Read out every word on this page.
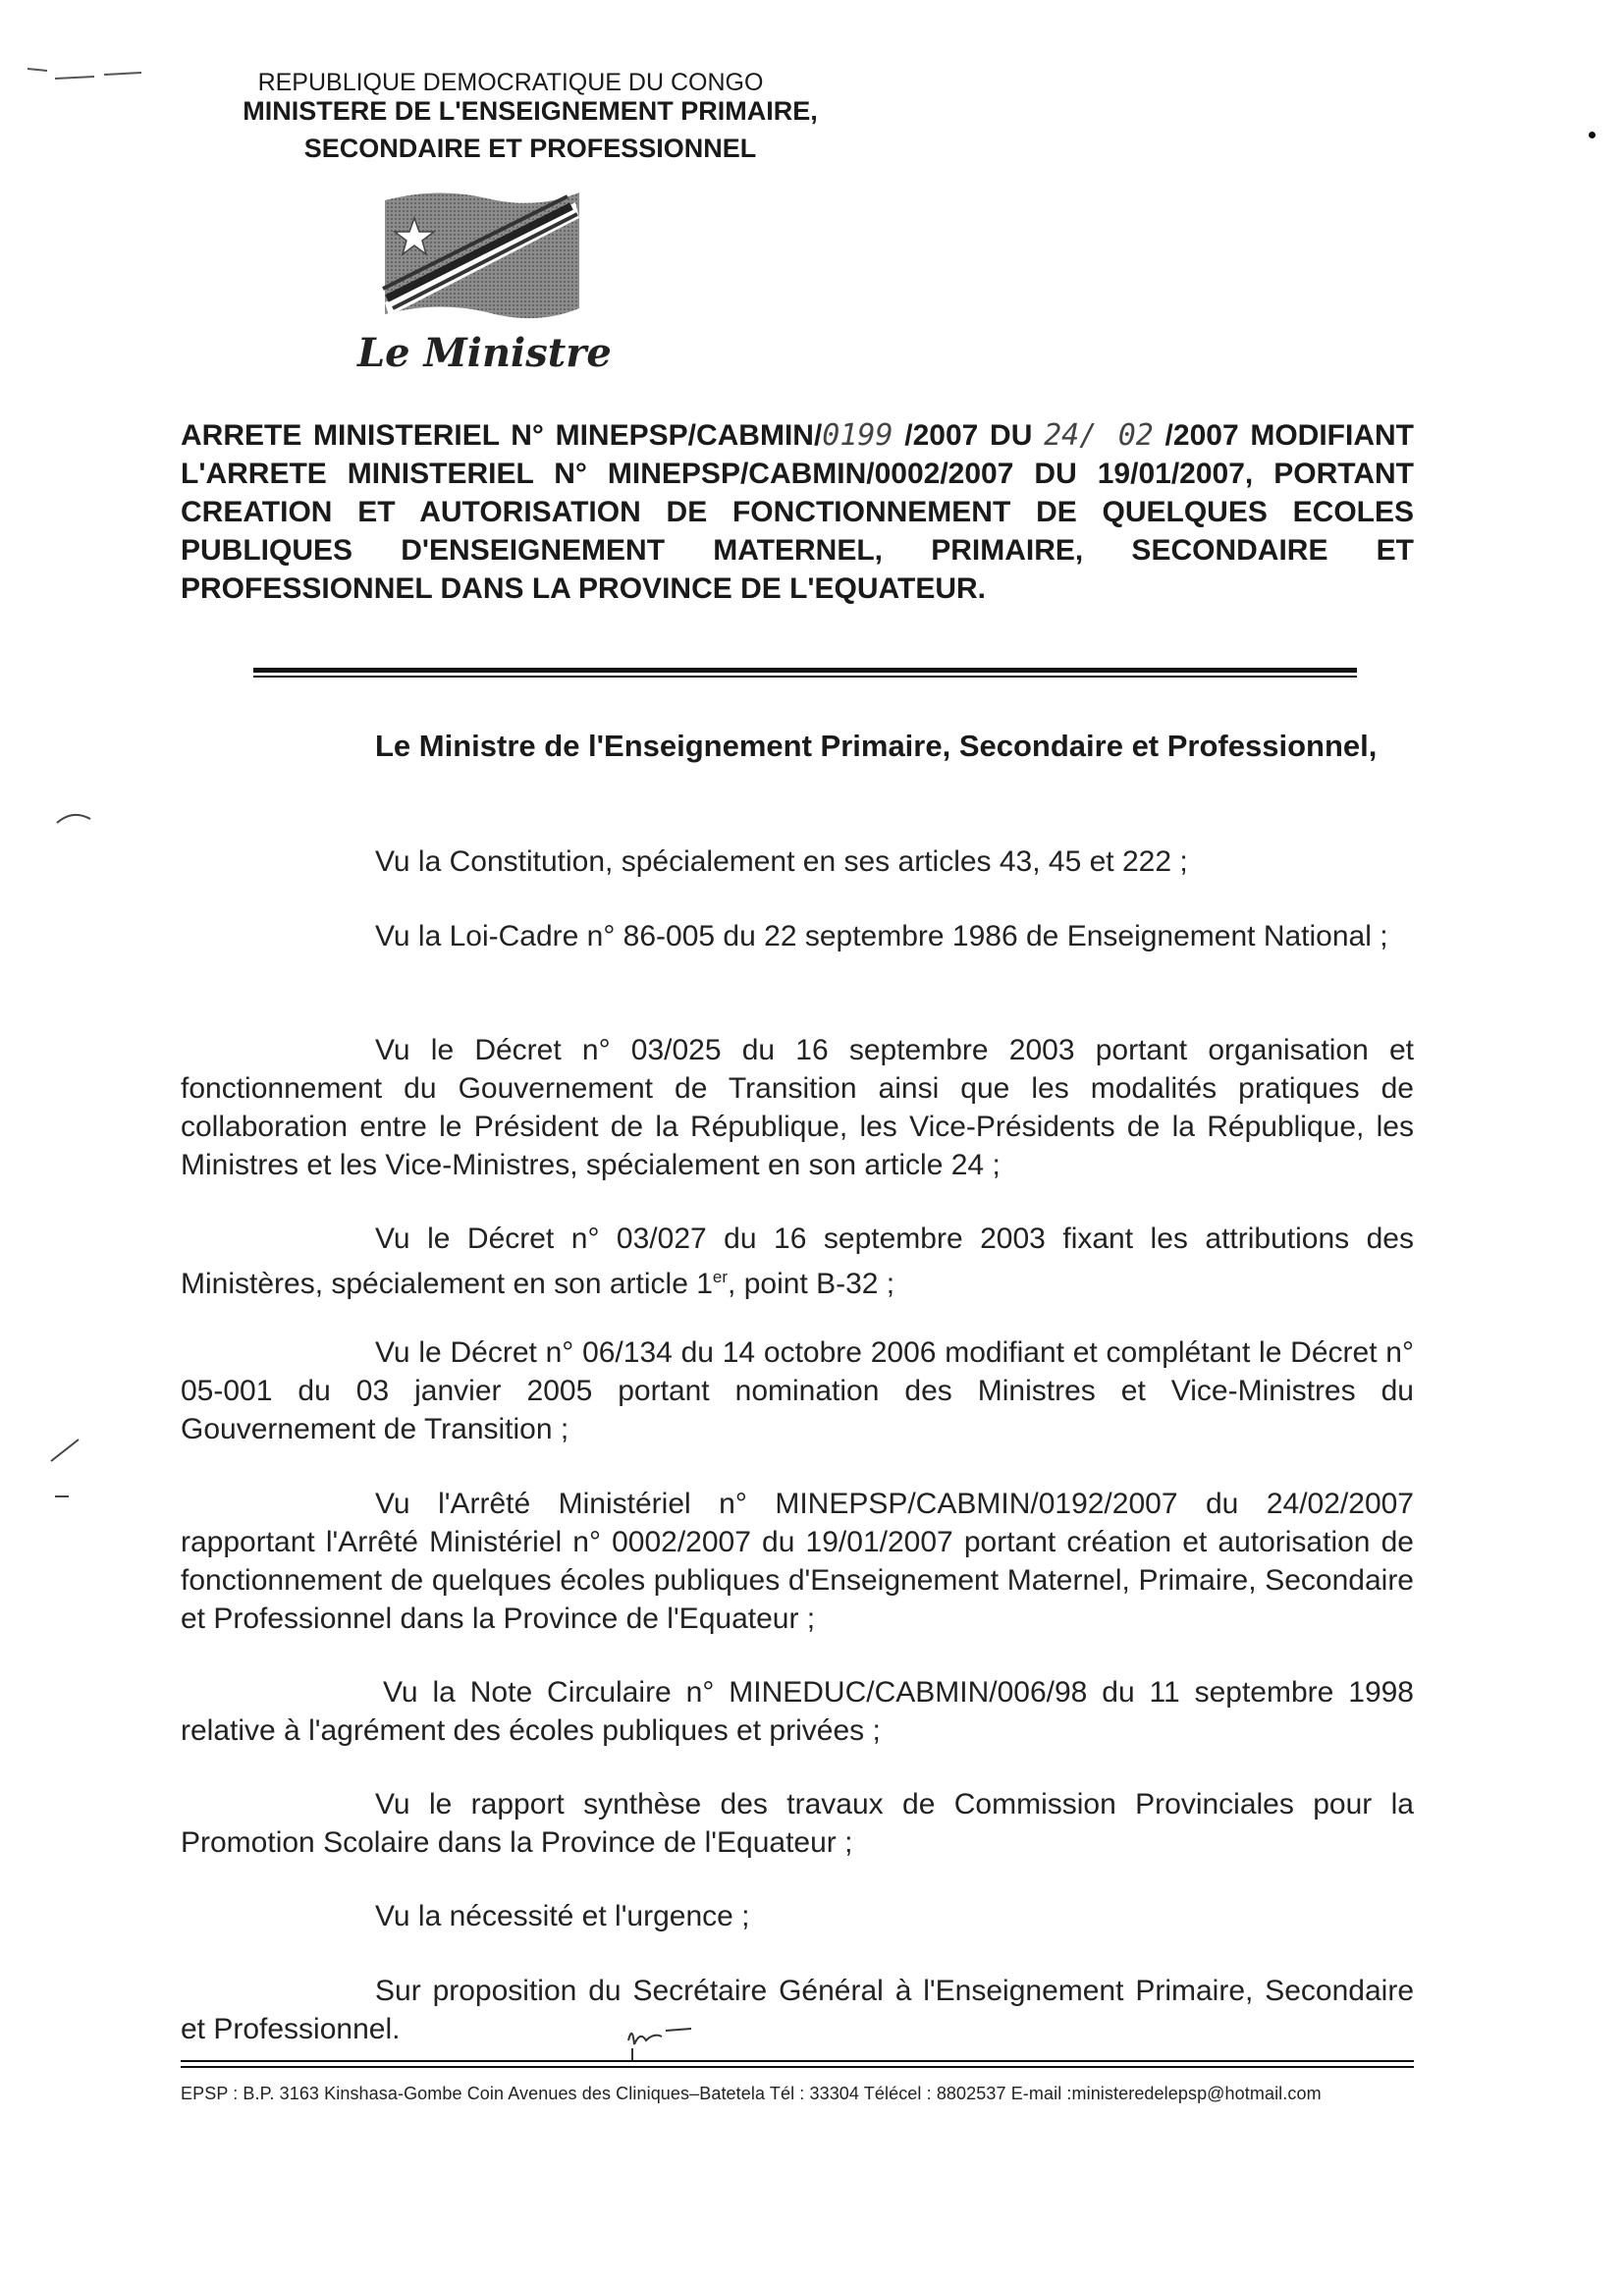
REPUBLIQUE DEMOCRATIQUE DU CONGO
MINISTERE DE L'ENSEIGNEMENT PRIMAIRE,
SECONDAIRE ET PROFESSIONNEL
Le Ministre
ARRETE MINISTERIEL N° MINEPSP/CABMIN/0199 /2007 DU 24/ 02 /2007 MODIFIANT L'ARRETE MINISTERIEL N° MINEPSP/CABMIN/0002/2007 DU 19/01/2007, PORTANT CREATION ET AUTORISATION DE FONCTIONNEMENT DE QUELQUES ECOLES PUBLIQUES D'ENSEIGNEMENT MATERNEL, PRIMAIRE, SECONDAIRE ET PROFESSIONNEL DANS LA PROVINCE DE L'EQUATEUR.
Le Ministre de l'Enseignement Primaire, Secondaire et Professionnel,
Vu la Constitution, spécialement en ses articles 43, 45 et 222 ;
Vu la Loi-Cadre n° 86-005 du 22 septembre 1986 de Enseignement National ;
Vu le Décret n° 03/025 du 16 septembre 2003 portant organisation et fonctionnement du Gouvernement de Transition ainsi que les modalités pratiques de collaboration entre le Président de la République, les Vice-Présidents de la République, les Ministres et les Vice-Ministres, spécialement en son article 24 ;
Vu le Décret n° 03/027 du 16 septembre 2003 fixant les attributions des Ministères, spécialement en son article 1er, point B-32 ;
Vu le Décret n° 06/134 du 14 octobre 2006 modifiant et complétant le Décret n° 05-001 du 03 janvier 2005 portant nomination des Ministres et Vice-Ministres du Gouvernement de Transition ;
Vu l'Arrêté Ministériel n° MINEPSP/CABMIN/0192/2007 du 24/02/2007 rapportant l'Arrêté Ministériel n° 0002/2007 du 19/01/2007 portant création et autorisation de fonctionnement de quelques écoles publiques d'Enseignement Maternel, Primaire, Secondaire et Professionnel dans la Province de l'Equateur ;
Vu la Note Circulaire n° MINEDUC/CABMIN/006/98 du 11 septembre 1998 relative à l'agrément des écoles publiques et privées ;
Vu le rapport synthèse des travaux de Commission Provinciales pour la Promotion Scolaire dans la Province de l'Equateur ;
Vu la nécessité et l'urgence ;
Sur proposition du Secrétaire Général à l'Enseignement Primaire, Secondaire et Professionnel.
EPSP : B.P. 3163 Kinshasa-Gombe Coin Avenues des Cliniques–Batetela Tél : 33304 Télécel : 8802537 E-mail :ministeredelepsp@hotmail.com
